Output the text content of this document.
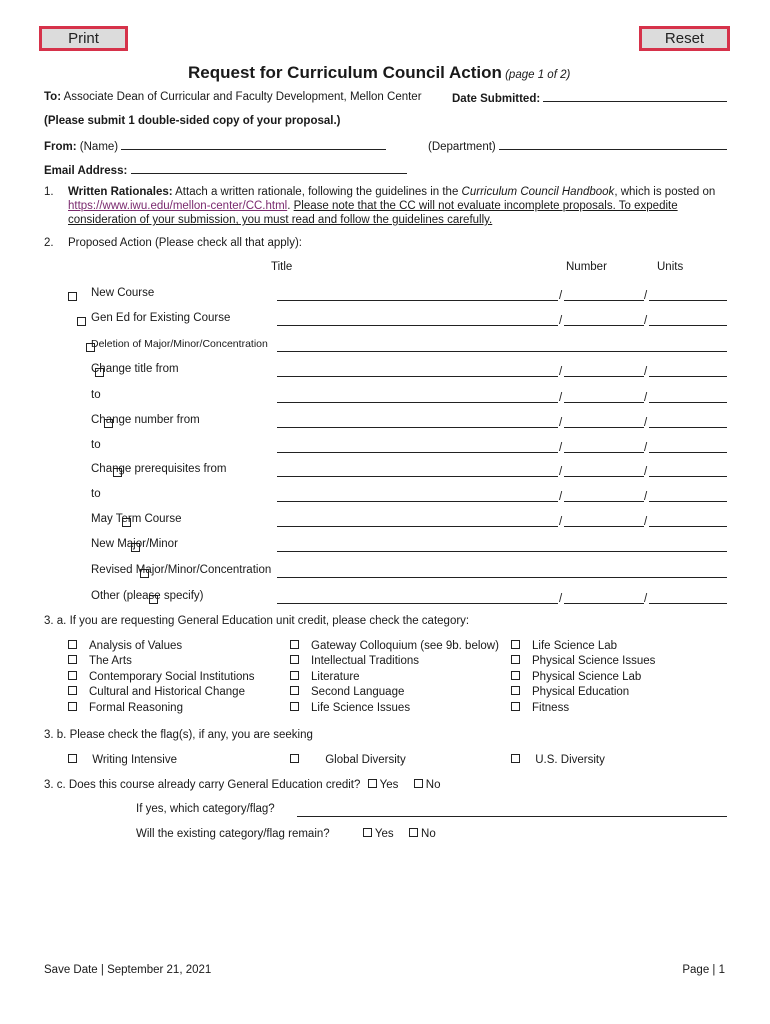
Print	Reset
Request for Curriculum Council Action (page 1 of 2)
To: Associate Dean of Curricular and Faculty Development, Mellon Center	Date Submitted:
(Please submit 1 double-sided copy of your proposal.)
From: (Name)	(Department)
Email Address:
1. Written Rationales: Attach a written rationale, following the guidelines in the Curriculum Council Handbook, which is posted on
https://www.iwu.edu/mellon-center/CC.html. Please note that the CC will not evaluate incomplete proposals. To expedite
consideration of your submission, you must read and follow the guidelines carefully.
2. Proposed Action (Please check all that apply):
Title	Number	Units
New Course	/	/
Gen Ed for Existing Course	/	/
Deletion of Major/Minor/Concentration
Change title from	/	/
to	/	/
Change number from	/	/
to	/	/
Change prerequisites from	/	/
to	/	/
May Term Course	/	/
New Major/Minor
Revised Major/Minor/Concentration
Other (please specify)	/	/
3. a. If you are requesting General Education unit credit, please check the category:
Analysis of Values
The Arts
Contemporary Social Institutions
Cultural and Historical Change
Formal Reasoning
Gateway Colloquium (see 9b. below)
Intellectual Traditions
Literature
Second Language
Life Science Issues
Life Science Lab
Physical Science Issues
Physical Science Lab
Physical Education
Fitness
3. b. Please check the flag(s), if any, you are seeking
Writing Intensive	Global Diversity	U.S. Diversity
3. c. Does this course already carry General Education credit? Yes No
If yes, which category/flag?
Will the existing category/flag remain?	Yes No
Save Date | September 21, 2021	Page | 1
